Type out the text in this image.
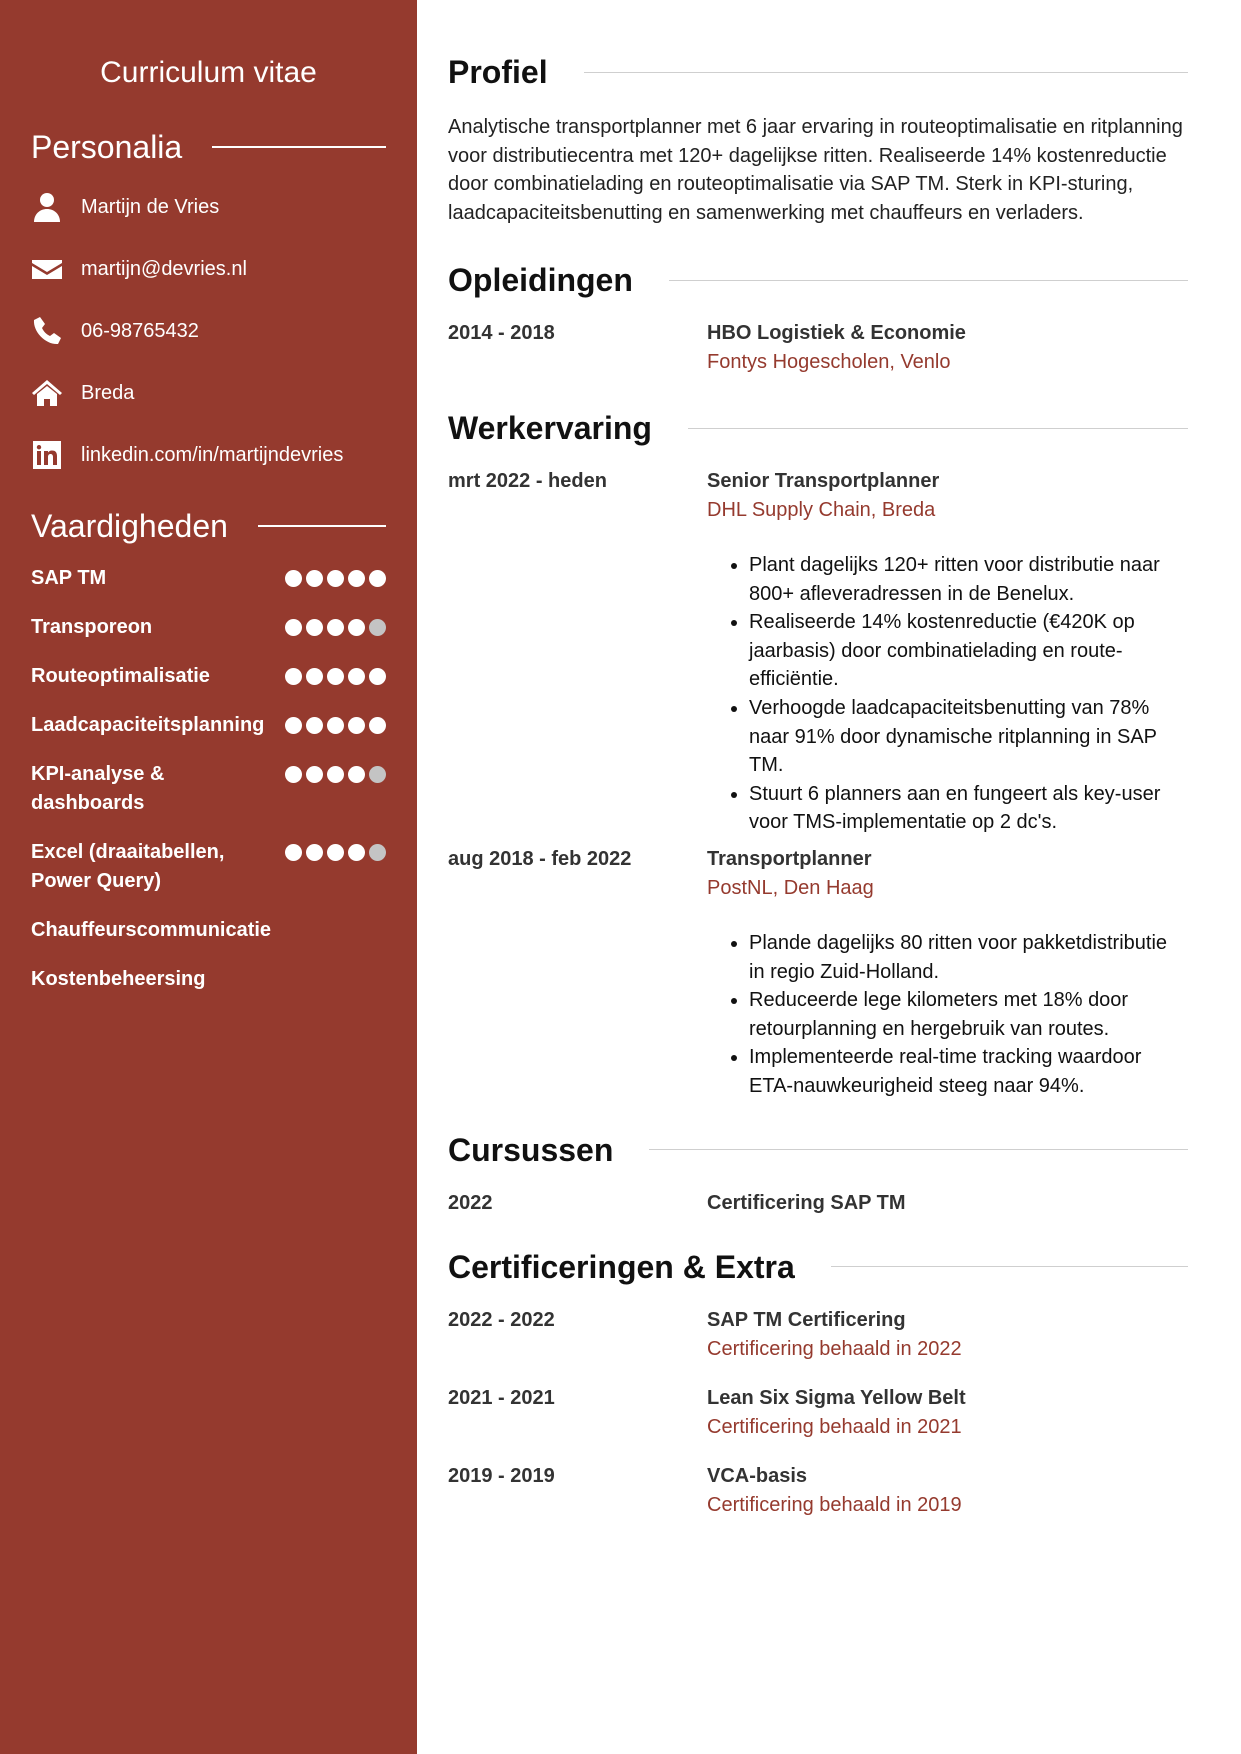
Curriculum vitae
Personalia
Martijn de Vries
martijn@devries.nl
06-98765432
Breda
linkedin.com/in/martijndevries
Vaardigheden
SAP TM
Transporeon
Routeoptimalisatie
Laadcapaciteitsplanning
KPI-analyse & dashboards
Excel (draaitabellen, Power Query)
Chauffeurscommunicatie
Kostenbeheersing
Profiel

Analytische transportplanner met 6 jaar ervaring in routeoptimalisatie en ritplanning voor distributiecentra met 120+ dagelijkse ritten. Realiseerde 14% kostenreductie door combinatielading en routeoptimalisatie via SAP TM. Sterk in KPI-sturing, laadcapaciteitsbenutting en samenwerking met chauffeurs en verladers.

Opleidingen
2014 - 2018	HBO Logistiek & Economie
Fontys Hogescholen, Venlo
Werkervaring
mrt 2022 - heden	Senior Transportplanner
DHL Supply Chain, Breda
• Plant dagelijks 120+ ritten voor distributie naar 800+ afleveradressen in de Benelux.
• Realiseerde 14% kostenreductie (€420K op jaarbasis) door combinatielading en route-efficiëntie.
• Verhoogde laadcapaciteitsbenutting van 78% naar 91% door dynamische ritplanning in SAP TM.
• Stuurt 6 planners aan en fungeert als key-user voor TMS-implementatie op 2 dc's.
aug 2018 - feb 2022	Transportplanner
PostNL, Den Haag
• Plande dagelijks 80 ritten voor pakketdistributie in regio Zuid-Holland.
• Reduceerde lege kilometers met 18% door retourplanning en hergebruik van routes.
• Implementeerde real-time tracking waardoor ETA-nauwkeurigheid steeg naar 94%.
Cursussen
2022	Certificering SAP TM
Certificeringen & Extra
2022 - 2022	SAP TM Certificering
Certificering behaald in 2022
2021 - 2021	Lean Six Sigma Yellow Belt
Certificering behaald in 2021
2019 - 2019	VCA-basis
Certificering behaald in 2019
